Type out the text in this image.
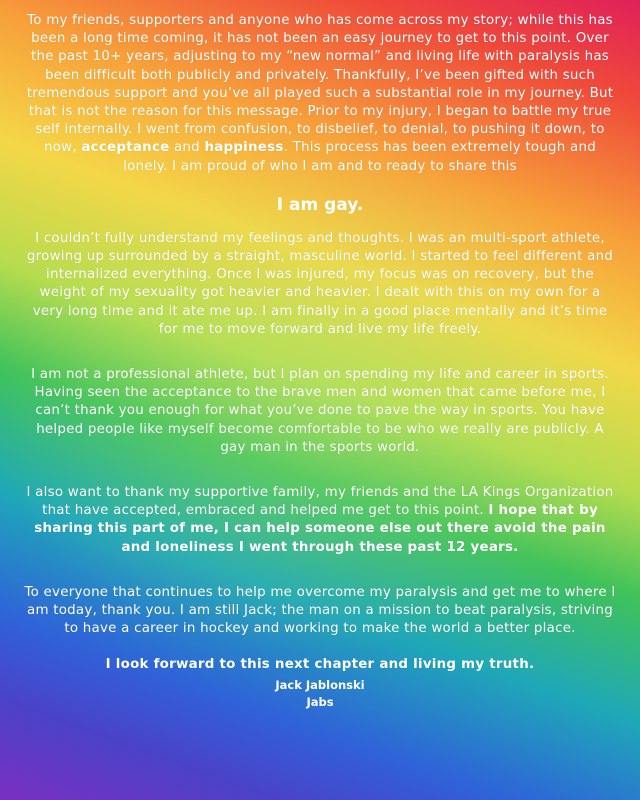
To my friends, supporters and anyone who has come across my story; while this has been a long time coming, it has not been an easy journey to get to this point. Over the past 10+ years, adjusting to my “new normal” and living life with paralysis has been difficult both publicly and privately. Thankfully, I’ve been gifted with such tremendous support and you’ve all played such a substantial role in my journey. But that is not the reason for this message. Prior to my injury, I began to battle my true self internally. I went from confusion, to disbelief, to denial, to pushing it down, to now, acceptance and happiness. This process has been extremely tough and lonely. I am proud of who I am and to ready to share this

I am gay.

I couldn’t fully understand my feelings and thoughts. I was an multi-sport athlete, growing up surrounded by a straight, masculine world. I started to feel different and internalized everything. Once I was injured, my focus was on recovery, but the weight of my sexuality got heavier and heavier. I dealt with this on my own for a very long time and it ate me up. I am finally in a good place mentally and it’s time for me to move forward and live my life freely.

I am not a professional athlete, but I plan on spending my life and career in sports. Having seen the acceptance to the brave men and women that came before me, I can’t thank you enough for what you’ve done to pave the way in sports. You have helped people like myself become comfortable to be who we really are publicly. A gay man in the sports world.

I also want to thank my supportive family, my friends and the LA Kings Organization that have accepted, embraced and helped me get to this point. I hope that by sharing this part of me, I can help someone else out there avoid the pain and loneliness I went through these past 12 years.

To everyone that continues to help me overcome my paralysis and get me to where I am today, thank you. I am still Jack; the man on a mission to beat paralysis, striving to have a career in hockey and working to make the world a better place.

I look forward to this next chapter and living my truth.

Jack Jablonski
Jabs
